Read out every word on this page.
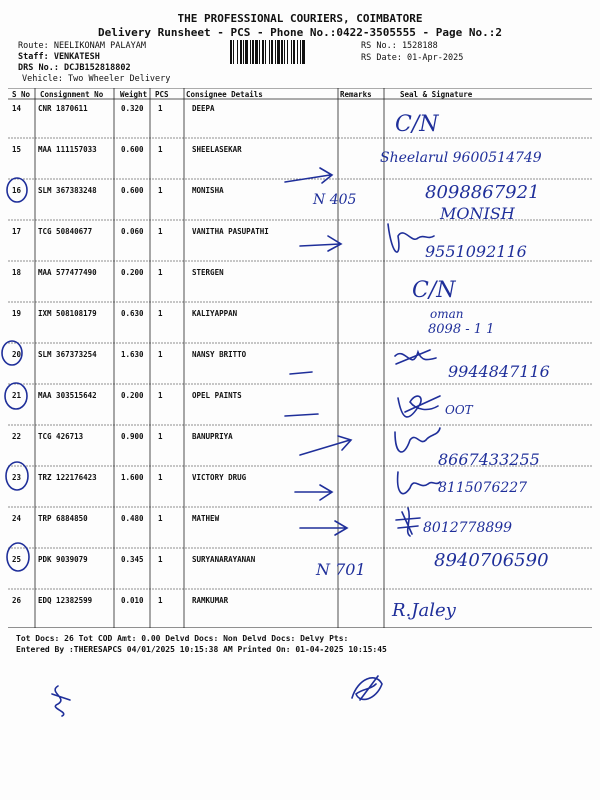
THE PROFESSIONAL COURIERS, COIMBATORE
Delivery Runsheet - PCS - Phone No.:0422-3505555 - Page No.:2
Route: NEELIKONAM PALAYAM
Staff: VENKATESH
DRS No.: DCJB152818802
Vehicle: Two Wheeler Delivery
RS No.: 1528188
RS Date: 01-Apr-2025
S No Consignment No Weight PCS Consignee Details	Remarks	Seal & Signature
14 CNR 1870611	0.320 1	DEEPA
15 MAA 111157033	0.600 1	SHEELASEKAR
16 SLM 367383248	0.600 1	MONISHA
17 TCG 50840677	0.060 1	VANITHA PASUPATHI
18 MAA 577477490	0.200 1	STERGEN
19 IXM 508108179	0.630 1	KALIYAPPAN
20 SLM 367373254	1.630 1	NANSY BRITTO
21 MAA 303515642	0.200 1	OPEL PAINTS
22 TCG 426713	0.900 1	BANUPRIYA
23 TRZ 122176423	1.600 1	VICTORY DRUG
24 TRP 6884850	0.480 1	MATHEW
25 PDK 9039079	0.345 1	SURYANARAYANAN
26 EDQ 12382599	0.010 1	RAMKUMAR
C/N
Sheelarul 9600514749
N 405	8098867921
MONISH
9551092116
C/N
oman
8098 - 1 1
9944847116
OOT
8667433255
8115076227
8012778899
N 701	8940706590
R.Jaley
Tot Docs: 26 Tot COD Amt: 0.00 Delvd Docs: Non Delvd Docs: Delvy Pts:
Entered By :THERESAPCS 04/01/2025 10:15:38 AM Printed On: 01-04-2025 10:15:45
